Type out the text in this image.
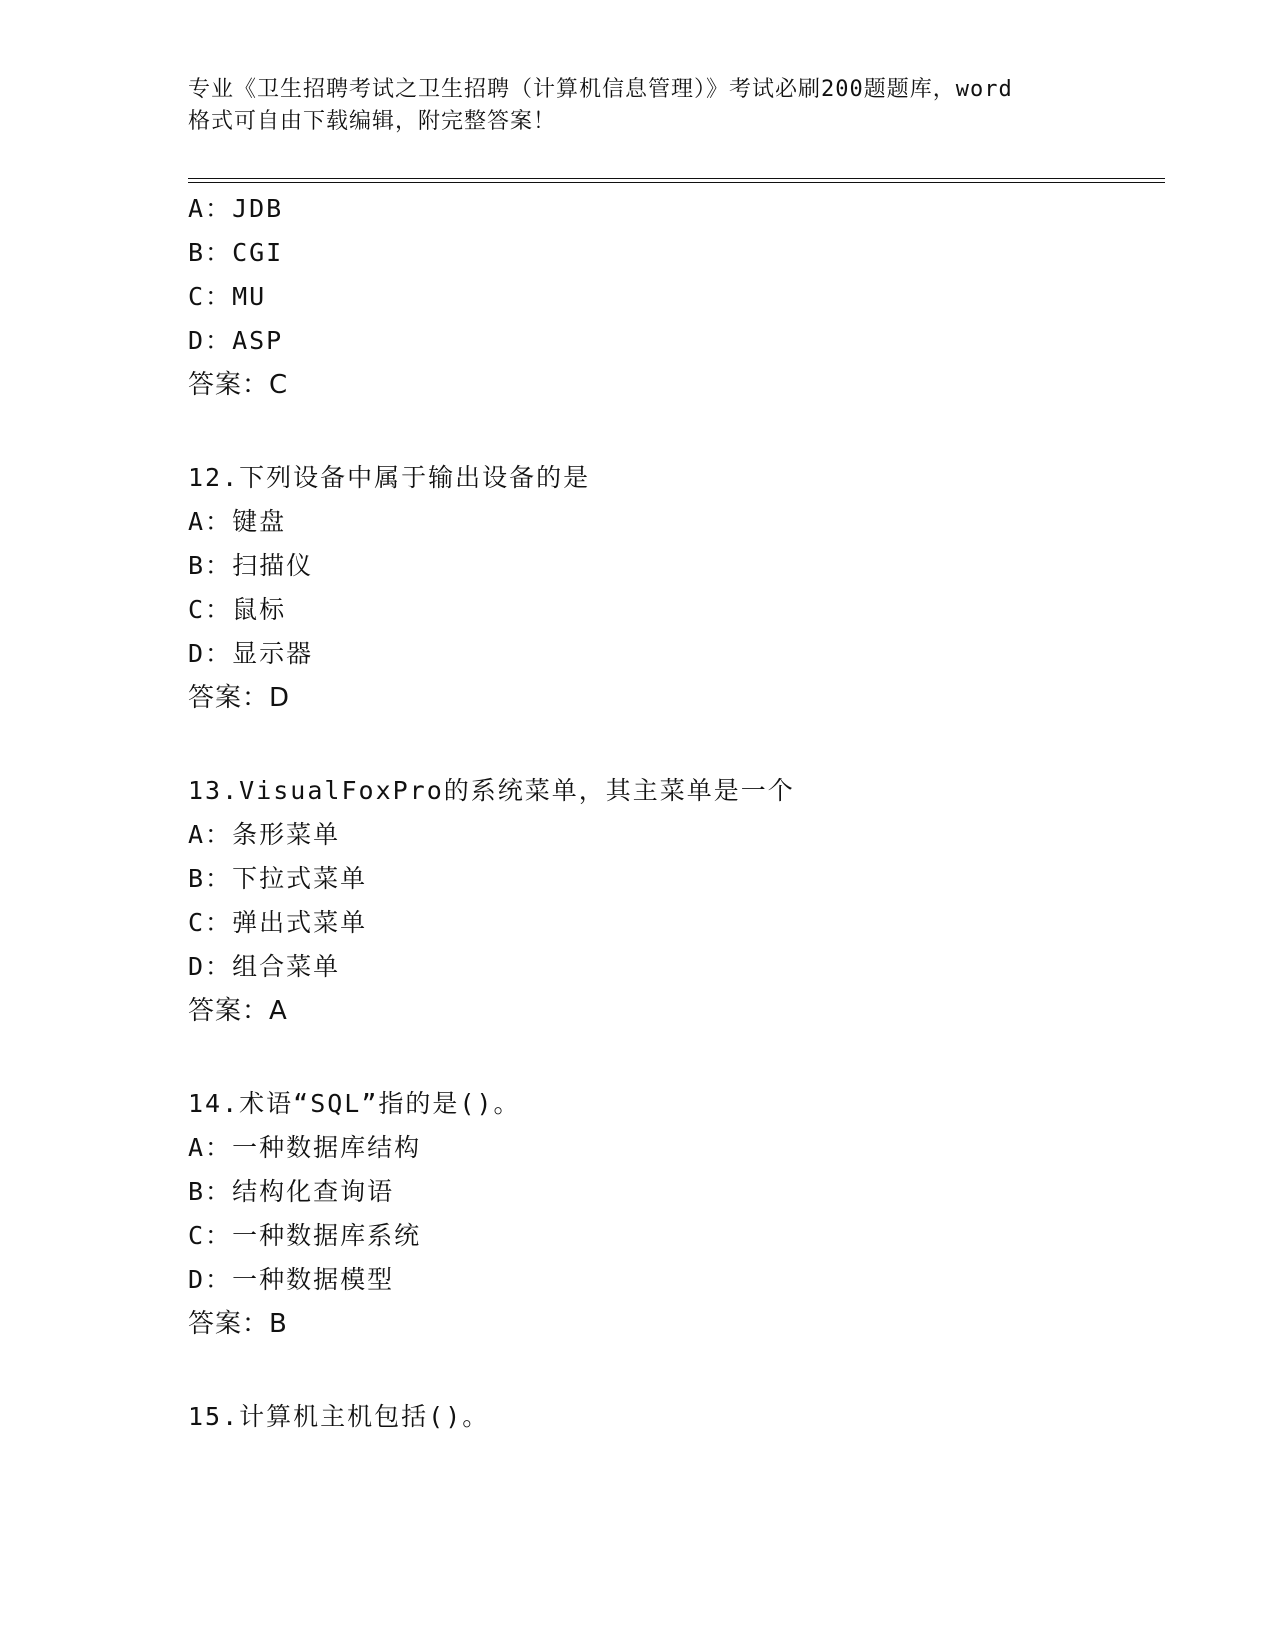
专业《卫生招聘考试之卫生招聘（计算机信息管理）》考试必刷200题题库，word
格式可自由下载编辑，附完整答案！
A：JDB
B：CGI
C：MU
D：ASP
答案：C
12.下列设备中属于输出设备的是
A：键盘
B：扫描仪
C：鼠标
D：显示器
答案：D
13.VisualFoxPro的系统菜单，其主菜单是一个
A：条形菜单
B：下拉式菜单
C：弹出式菜单
D：组合菜单
答案：A
14.术语“SQL”指的是()。
A：一种数据库结构
B：结构化查询语
C：一种数据库系统
D：一种数据模型
答案：B
15.计算机主机包括()。
